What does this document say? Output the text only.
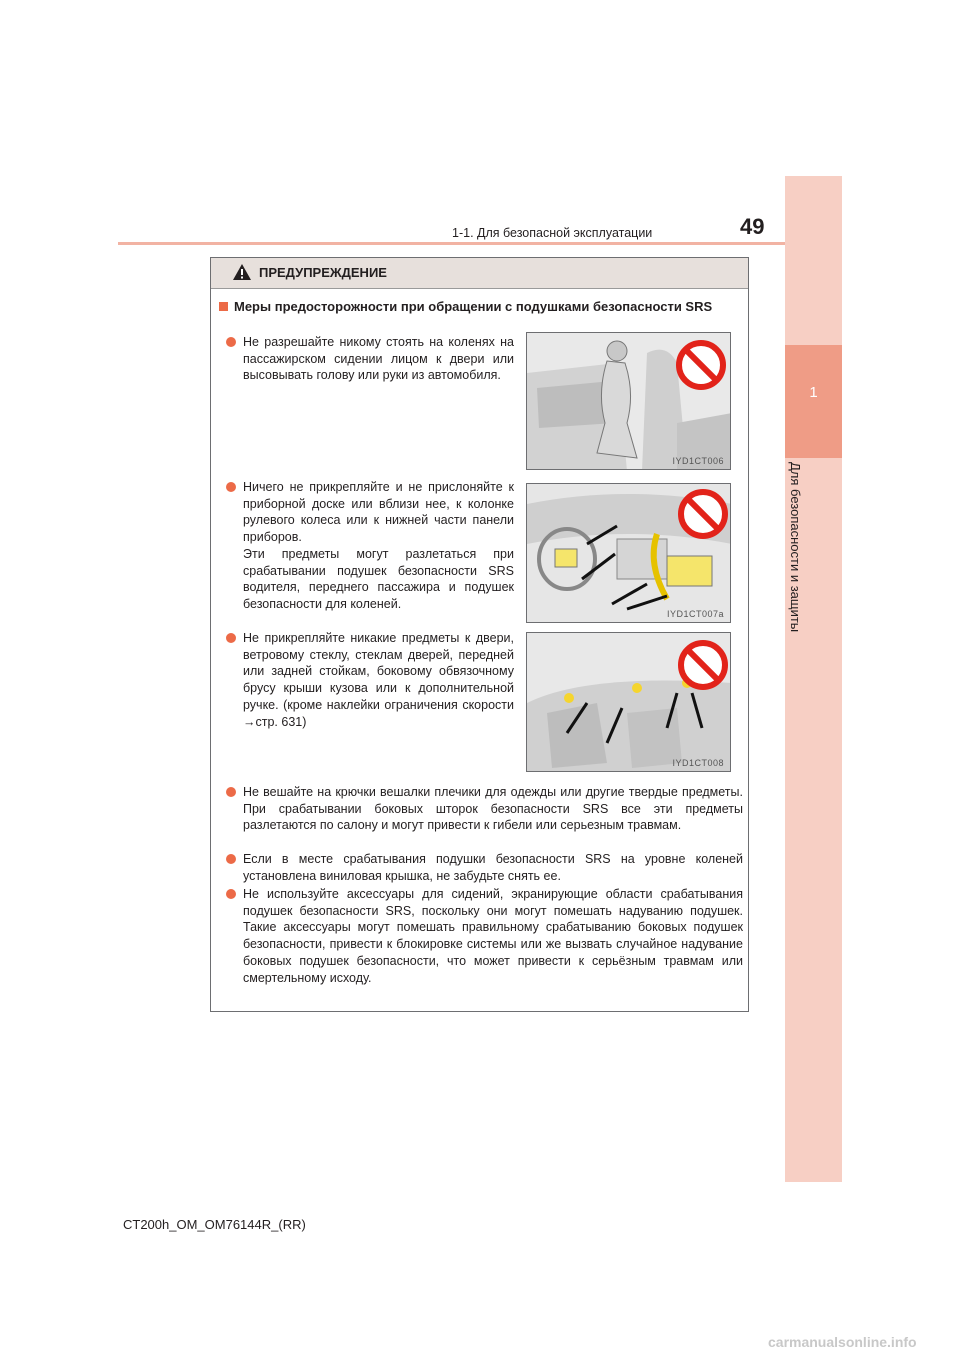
1
Для безопасности и защиты
1-1. Для безопасной эксплуатации	49
ПРЕДУПРЕЖДЕНИЕ
Меры предосторожности при обращении с подушками безопасности SRS

Не разрешайте никому стоять на коленях на пассажирском сидении лицом к двери или высовывать голову или руки из автомобиля.

IYD1CT006

Ничего не прикрепляйте и не прислоняйте к приборной доске или вблизи нее, к колонке рулевого колеса или к нижней части панели приборов.

Эти предметы могут разлетаться при срабатывании подушек безопасности SRS водителя, переднего пассажира и подушек безопасности для коленей.

IYD1CT007a

Не прикрепляйте никакие предметы к двери, ветровому стеклу, стеклам дверей, передней или задней стойкам, боковому обвязочному брусу крыши кузова или к дополнительной ручке. (кроме наклейки ограничения скорости →стр. 631)

IYD1CT008

Не вешайте на крючки вешалки плечики для одежды или другие твердые предметы. При срабатывании боковых шторок безопасности SRS все эти предметы разлетаются по салону и могут привести к гибели или серьезным травмам.

Если в месте срабатывания подушки безопасности SRS на уровне коленей установлена виниловая крышка, не забудьте снять ее.

Не используйте аксессуары для сидений, экранирующие области срабатывания подушек безопасности SRS, поскольку они могут помешать надуванию подушек. Такие аксессуары могут помешать правильному срабатыванию боковых подушек безопасности, привести к блокировке системы или же вызвать случайное надувание боковых подушек безопасности, что может привести к серьёзным травмам или смертельному исходу.

CT200h_OM_OM76144R_(RR)
carmanualsonline.info
